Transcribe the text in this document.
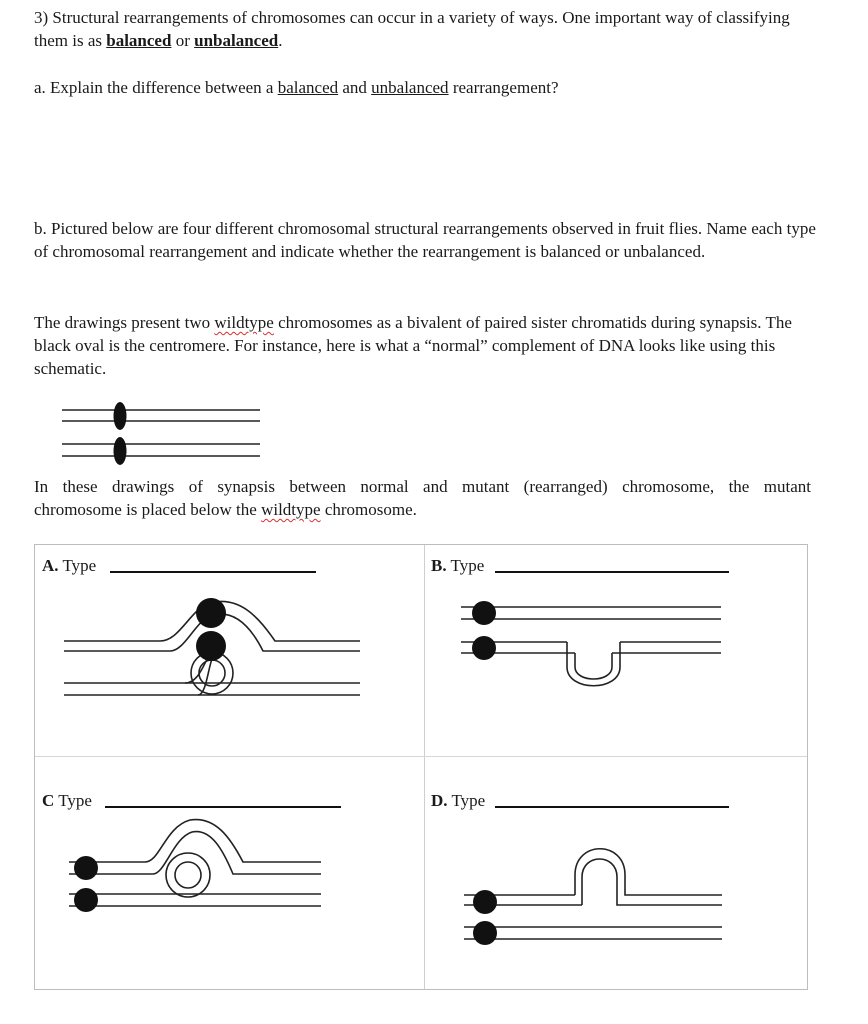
3) Structural rearrangements of chromosomes can occur in a variety of ways. One important way of classifying them is as balanced or unbalanced.
a. Explain the difference between a balanced and unbalanced rearrangement?
b. Pictured below are four different chromosomal structural rearrangements observed in fruit flies. Name each type of chromosomal rearrangement and indicate whether the rearrangement is balanced or unbalanced.
The drawings present two wildtype chromosomes as a bivalent of paired sister chromatids during synapsis. The black oval is the centromere. For instance, here is what a “normal” complement of DNA looks like using this schematic.
In these drawings of synapsis between normal and mutant (rearranged) chromosome, the mutant
chromosome is placed below the wildtype chromosome.
A. Type	B. Type
C Type	D. Type
